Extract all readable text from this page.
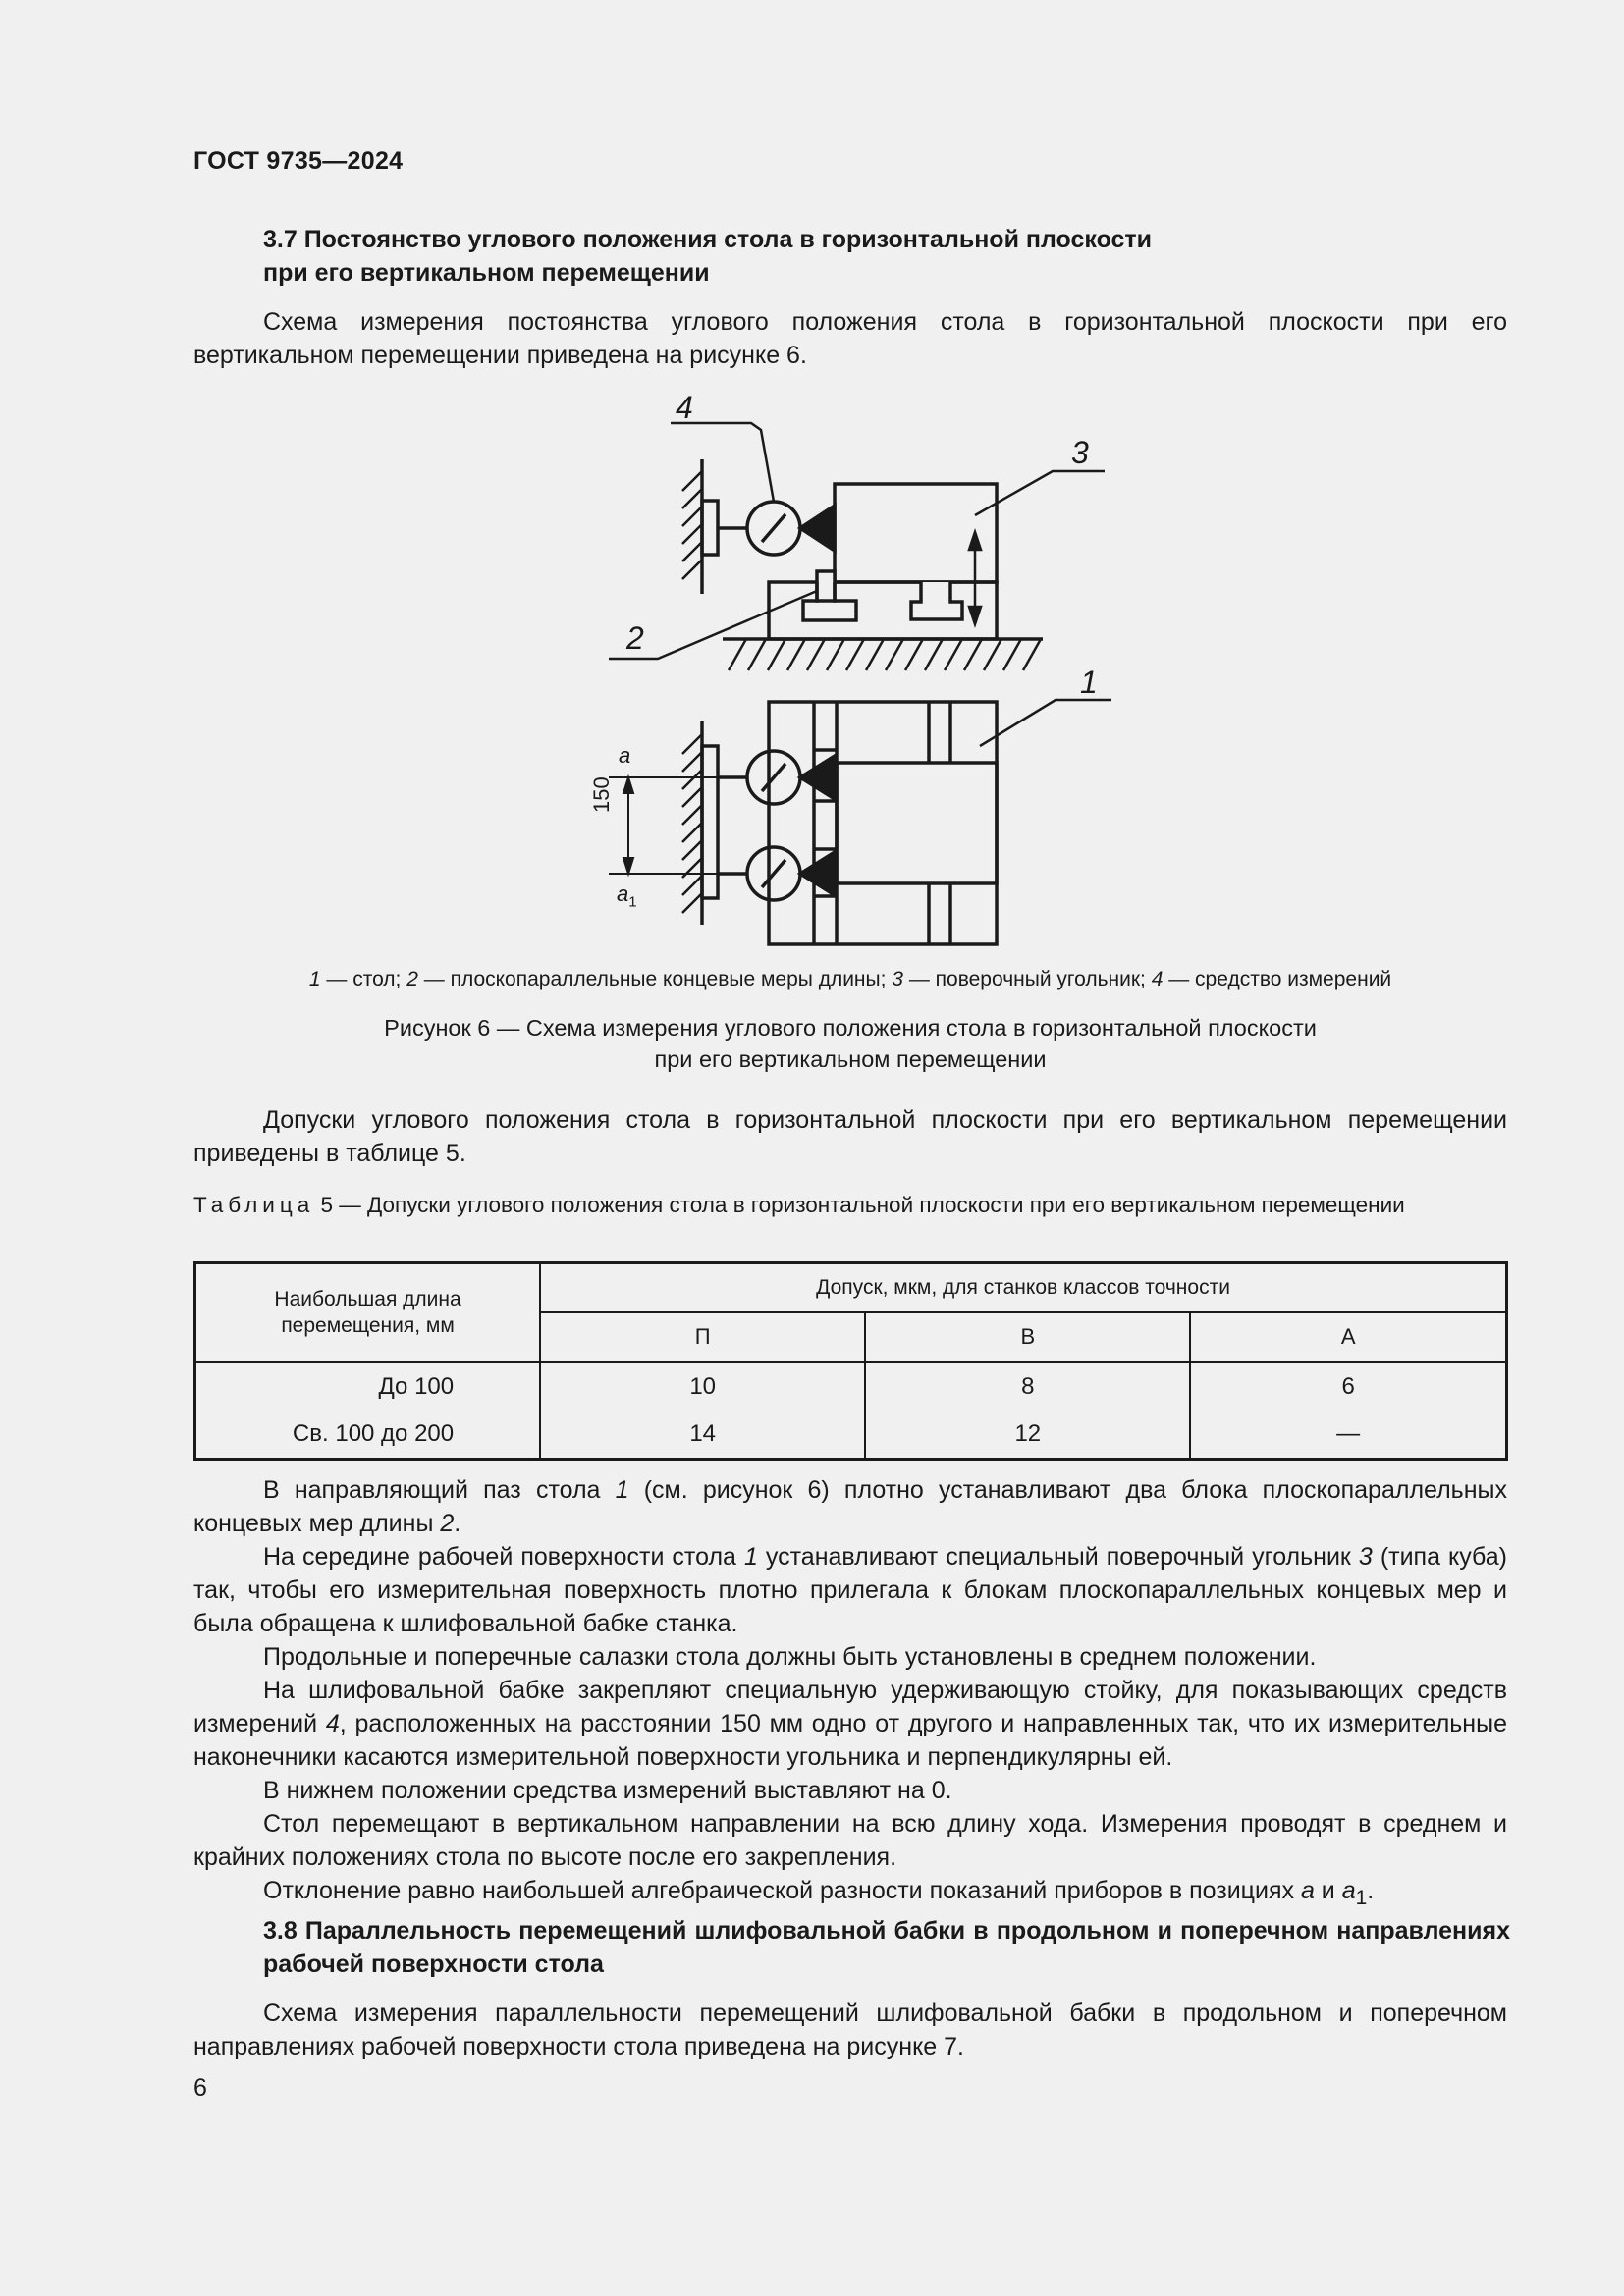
ГОСТ 9735—2024
3.7 Постоянство углового положения стола в горизонтальной плоскости
при его вертикальном перемещении

Схема измерения постоянства углового положения стола в горизонтальной плоскости при его вертикальном перемещении приведена на рисунке 6.

4
3
2
1
a
$a_1$
150
1 — стол; 2 — плоскопараллельные концевые меры длины; 3 — поверочный угольник; 4 — средство измерений
Рисунок 6 — Схема измерения углового положения стола в горизонтальной плоскости
при его вертикальном перемещении

Допуски углового положения стола в горизонтальной плоскости при его вертикальном перемещении приведены в таблице 5.

Таблица 5 — Допуски углового положения стола в горизонтальной плоскости при его вертикальном перемещении
Наибольшая длина перемещения, мм	Допуск, мкм, для станков классов точности		
	П	В	А
До 100	10	8	6
Св. 100 до 200	14	12	—

В направляющий паз стола 1 (см. рисунок 6) плотно устанавливают два блока плоскопараллельных концевых мер длины 2.

На середине рабочей поверхности стола 1 устанавливают специальный поверочный угольник 3 (типа куба) так, чтобы его измерительная поверхность плотно прилегала к блокам плоскопараллельных концевых мер и была обращена к шлифовальной бабке станка.

Продольные и поперечные салазки стола должны быть установлены в среднем положении.

На шлифовальной бабке закрепляют специальную удерживающую стойку, для показывающих средств измерений 4, расположенных на расстоянии 150 мм одно от другого и направленных так, что их измерительные наконечники касаются измерительной поверхности угольника и перпендикулярны ей.

В нижнем положении средства измерений выставляют на 0.

Стол перемещают в вертикальном направлении на всю длину хода. Измерения проводят в среднем и крайних положениях стола по высоте после его закрепления.

Отклонение равно наибольшей алгебраической разности показаний приборов в позициях a и $a_1$.

3.8 Параллельность перемещений шлифовальной бабки в продольном и поперечном направлениях рабочей поверхности стола

Схема измерения параллельности перемещений шлифовальной бабки в продольном и поперечном направлениях рабочей поверхности стола приведена на рисунке 7.

6
